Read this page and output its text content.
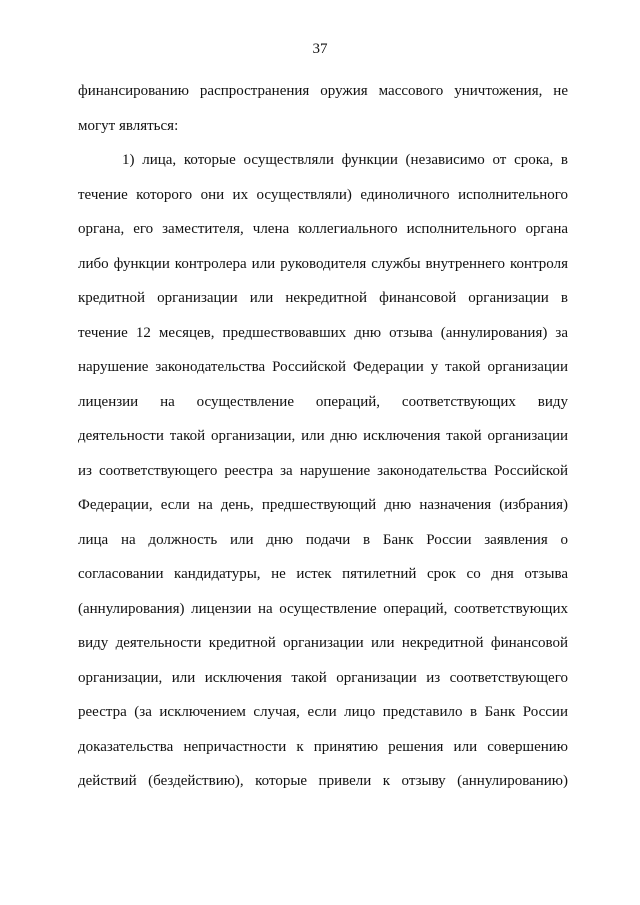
37
финансированию распространения оружия массового уничтожения, не
могут являться:
1) лица, которые осуществляли функции (независимо от срока, в
течение которого они их осуществляли) единоличного исполнительного
органа, его заместителя, члена коллегиального исполнительного органа
либо функции контролера или руководителя службы внутреннего контроля
кредитной организации или некредитной финансовой организации в
течение 12 месяцев, предшествовавших дню отзыва (аннулирования) за
нарушение законодательства Российской Федерации у такой организации
лицензии на осуществление операций, соответствующих виду
деятельности такой организации, или дню исключения такой организации
из соответствующего реестра за нарушение законодательства Российской
Федерации, если на день, предшествующий дню назначения (избрания)
лица на должность или дню подачи в Банк России заявления о
согласовании кандидатуры, не истек пятилетний срок со дня отзыва
(аннулирования) лицензии на осуществление операций, соответствующих
виду деятельности кредитной организации или некредитной финансовой
организации, или исключения такой организации из соответствующего
реестра (за исключением случая, если лицо представило в Банк России
доказательства непричастности к принятию решения или совершению
действий (бездействию), которые привели к отзыву (аннулированию)
